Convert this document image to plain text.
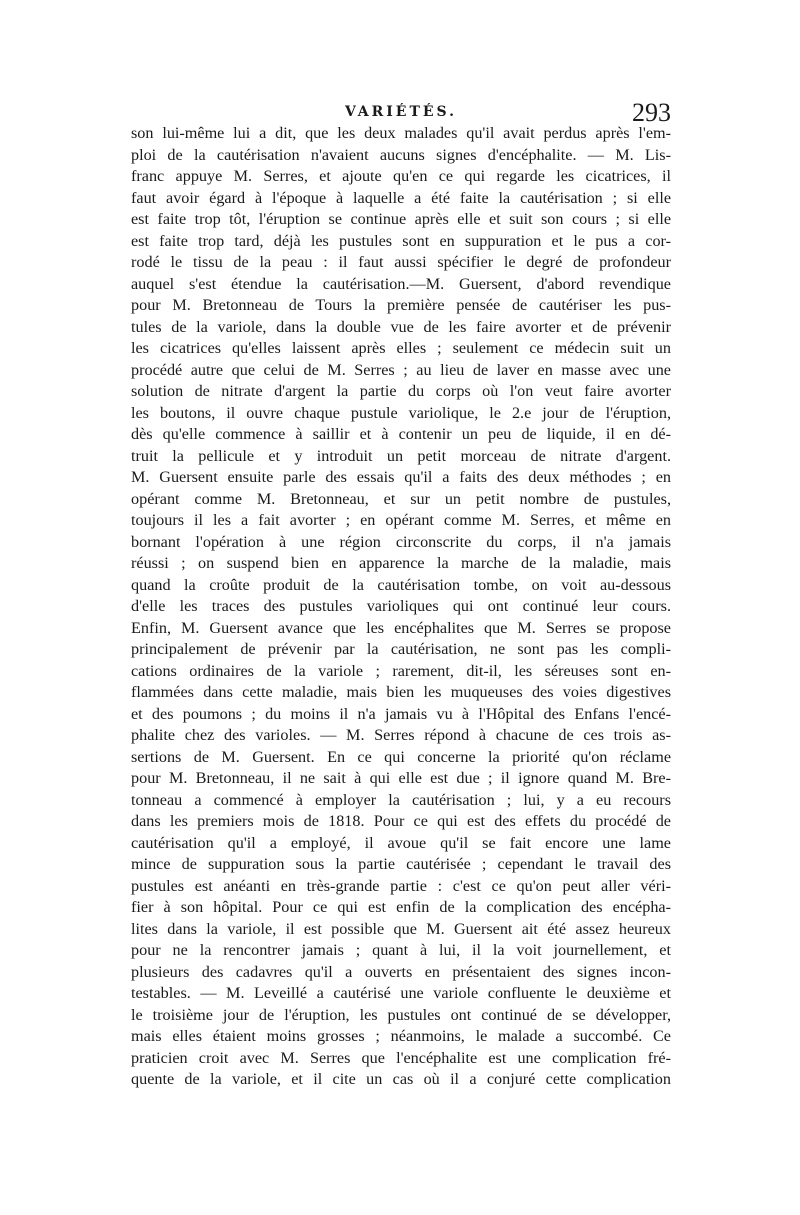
VARIÉTÉS.	293
son lui-même lui a dit, que les deux malades qu'il avait perdus après l'em-
ploi de la cautérisation n'avaient aucuns signes d'encéphalite. — M. Lis-
franc appuye M. Serres, et ajoute qu'en ce qui regarde les cicatrices, il
faut avoir égard à l'époque à laquelle a été faite la cautérisation ; si elle
est faite trop tôt, l'éruption se continue après elle et suit son cours ; si elle
est faite trop tard, déjà les pustules sont en suppuration et le pus a cor-
rodé le tissu de la peau : il faut aussi spécifier le degré de profondeur
auquel s'est étendue la cautérisation.—M. Guersent, d'abord revendique
pour M. Bretonneau de Tours la première pensée de cautériser les pus-
tules de la variole, dans la double vue de les faire avorter et de prévenir
les cicatrices qu'elles laissent après elles ; seulement ce médecin suit un
procédé autre que celui de M. Serres ; au lieu de laver en masse avec une
solution de nitrate d'argent la partie du corps où l'on veut faire avorter
les boutons, il ouvre chaque pustule variolique, le 2.e jour de l'éruption,
dès qu'elle commence à saillir et à contenir un peu de liquide, il en dé-
truit la pellicule et y introduit un petit morceau de nitrate d'argent.
M. Guersent ensuite parle des essais qu'il a faits des deux méthodes ; en
opérant comme M. Bretonneau, et sur un petit nombre de pustules,
toujours il les a fait avorter ; en opérant comme M. Serres, et même en
bornant l'opération à une région circonscrite du corps, il n'a jamais
réussi ; on suspend bien en apparence la marche de la maladie, mais
quand la croûte produit de la cautérisation tombe, on voit au-dessous
d'elle les traces des pustules varioliques qui ont continué leur cours.
Enfin, M. Guersent avance que les encéphalites que M. Serres se propose
principalement de prévenir par la cautérisation, ne sont pas les compli-
cations ordinaires de la variole ; rarement, dit-il, les séreuses sont en-
flammées dans cette maladie, mais bien les muqueuses des voies digestives
et des poumons ; du moins il n'a jamais vu à l'Hôpital des Enfans l'encé-
phalite chez des varioles. — M. Serres répond à chacune de ces trois as-
sertions de M. Guersent. En ce qui concerne la priorité qu'on réclame
pour M. Bretonneau, il ne sait à qui elle est due ; il ignore quand M. Bre-
tonneau a commencé à employer la cautérisation ; lui, y a eu recours
dans les premiers mois de 1818. Pour ce qui est des effets du procédé de
cautérisation qu'il a employé, il avoue qu'il se fait encore une lame
mince de suppuration sous la partie cautérisée ; cependant le travail des
pustules est anéanti en très-grande partie : c'est ce qu'on peut aller véri-
fier à son hôpital. Pour ce qui est enfin de la complication des encépha-
lites dans la variole, il est possible que M. Guersent ait été assez heureux
pour ne la rencontrer jamais ; quant à lui, il la voit journellement, et
plusieurs des cadavres qu'il a ouverts en présentaient des signes incon-
testables. — M. Leveillé a cautérisé une variole confluente le deuxième et
le troisième jour de l'éruption, les pustules ont continué de se développer,
mais elles étaient moins grosses ; néanmoins, le malade a succombé. Ce
praticien croit avec M. Serres que l'encéphalite est une complication fré-
quente de la variole, et il cite un cas où il a conjuré cette complication
